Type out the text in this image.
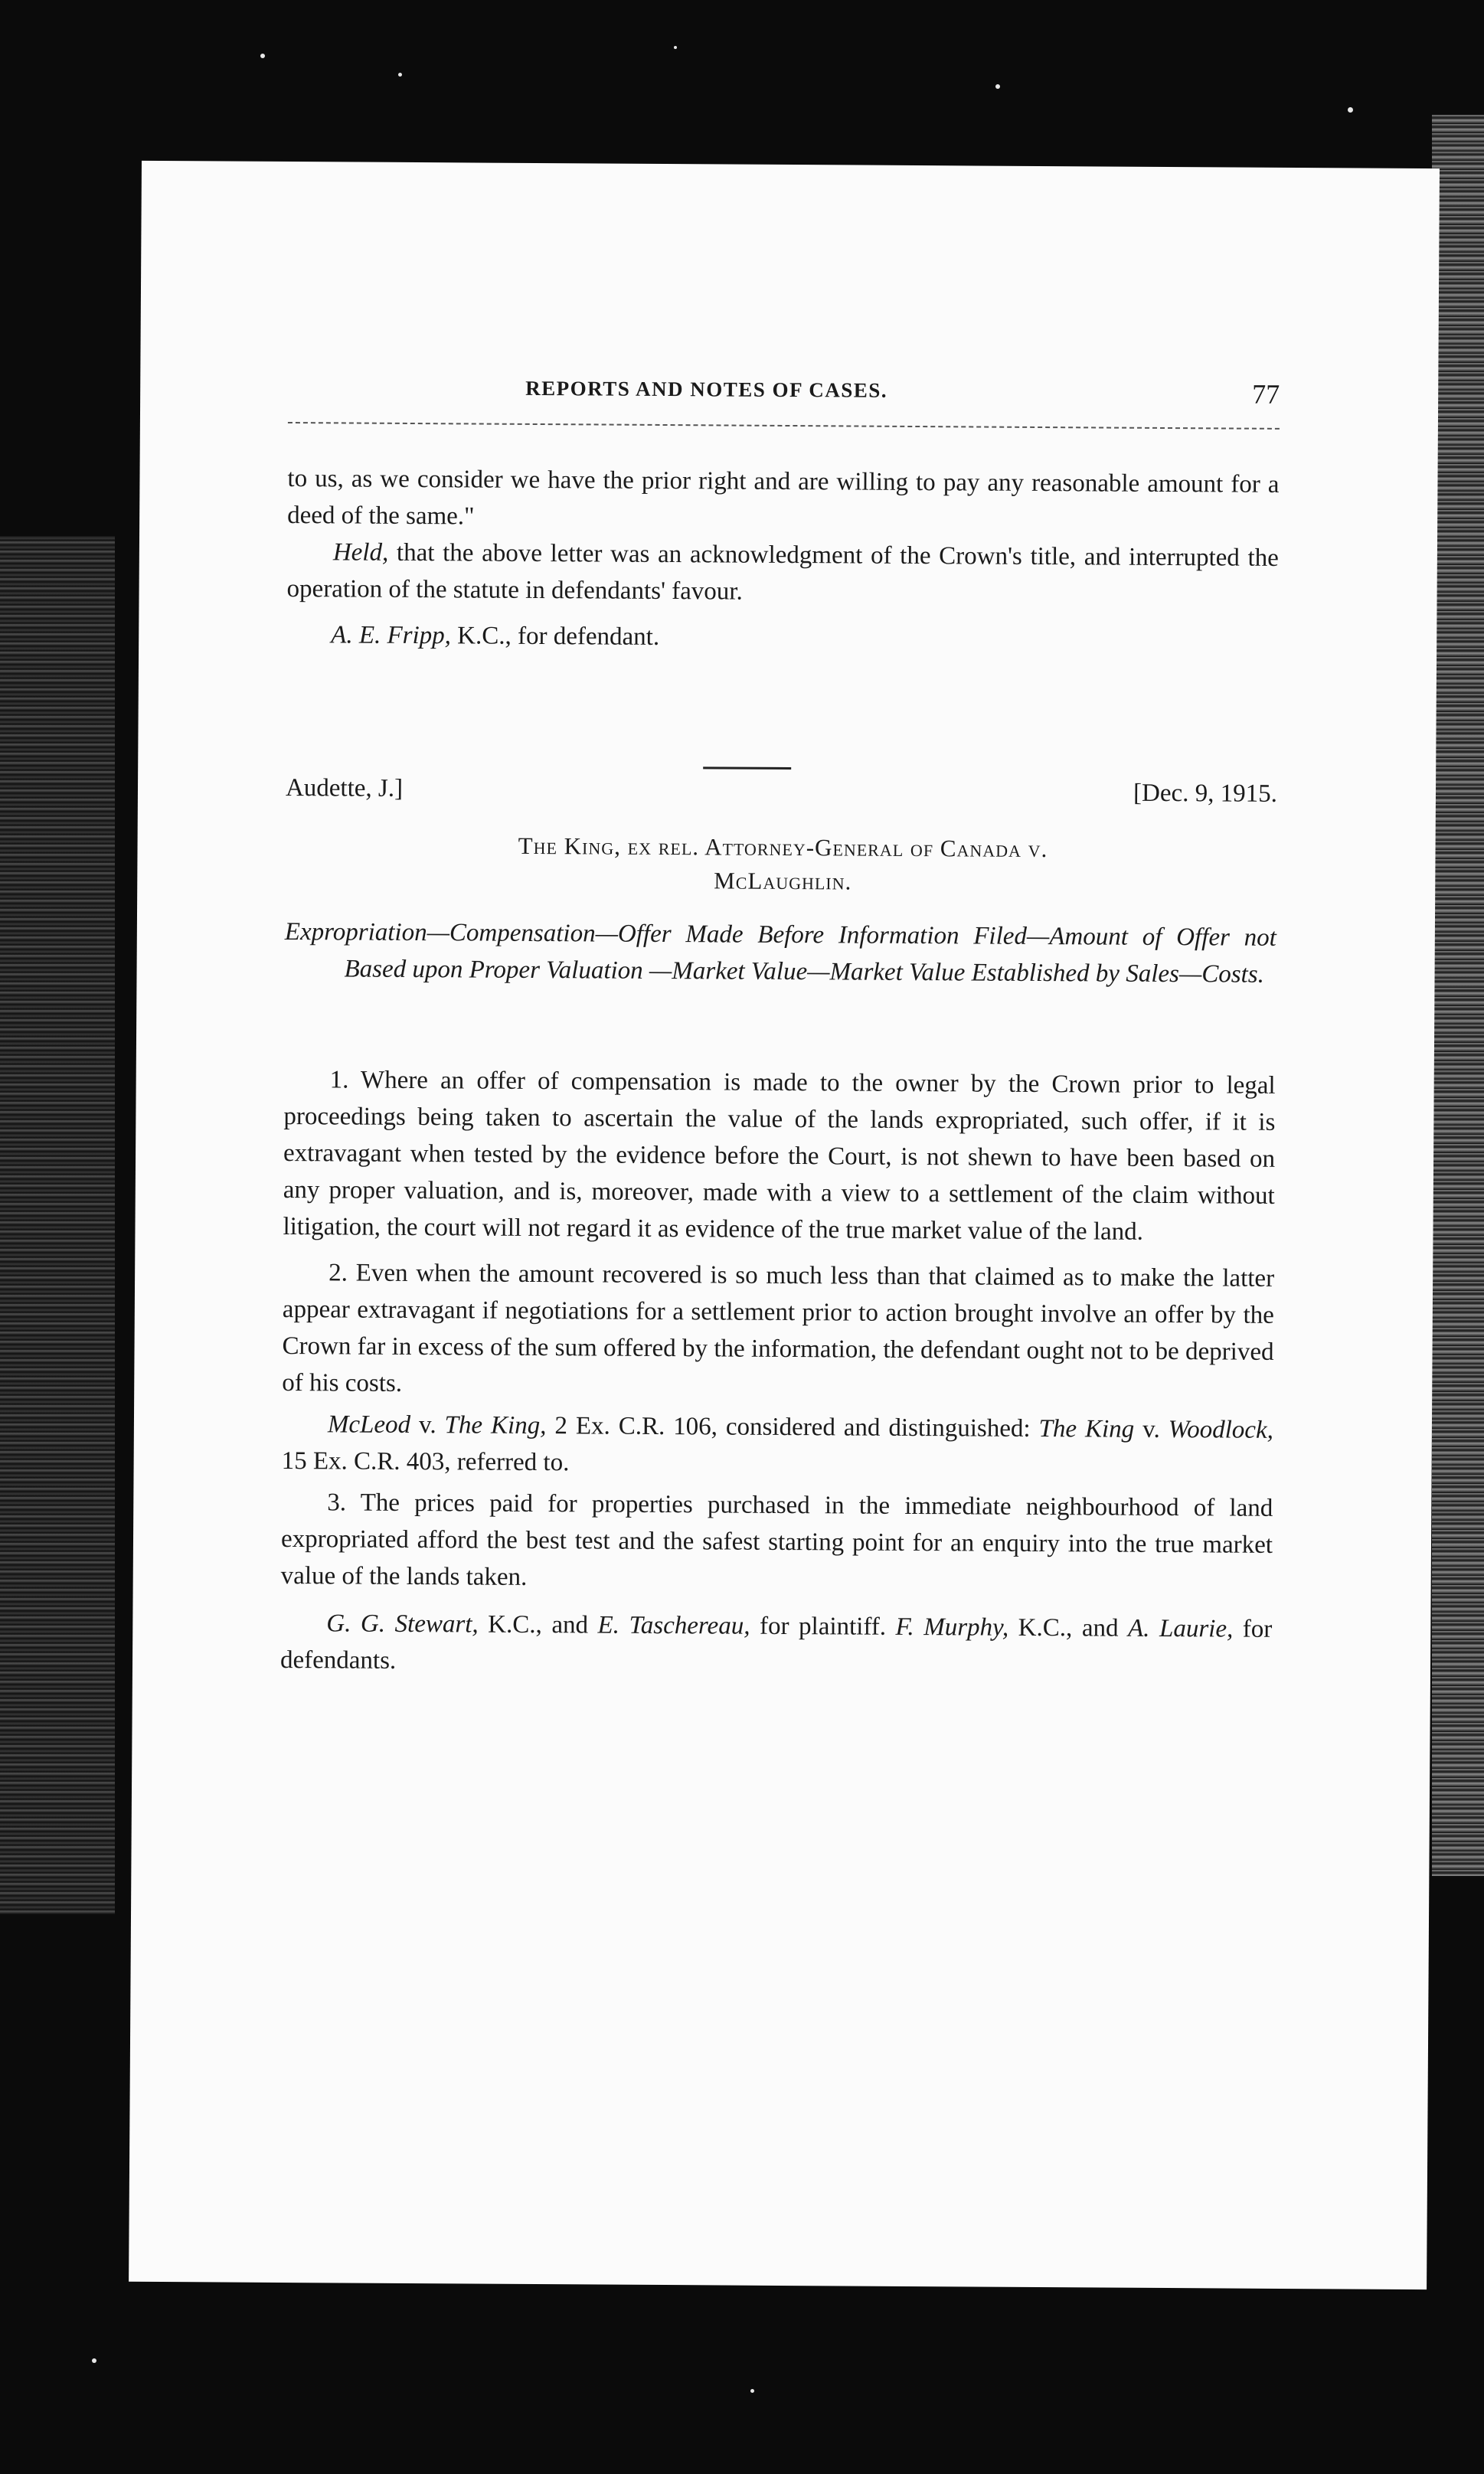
REPORTS AND NOTES OF CASES.	77

to us, as we consider we have the prior right and are willing to pay any reasonable amount for a deed of the same."

Held, that the above letter was an acknowledgment of the Crown's title, and interrupted the operation of the statute in defendants' favour.

A. E. Fripp, K.C., for defendant.

Audette, J.]	[Dec. 9, 1915.
The King, ex rel. Attorney-General of Canada v.
McLaughlin.

Expropriation—Compensation—Offer Made Before Information Filed—Amount of Offer not Based upon Proper Valuation —Market Value—Market Value Established by Sales—Costs.

1. Where an offer of compensation is made to the owner by the Crown prior to legal proceedings being taken to ascertain the value of the lands expropriated, such offer, if it is extravagant when tested by the evidence before the Court, is not shewn to have been based on any proper valuation, and is, moreover, made with a view to a settlement of the claim without litigation, the court will not regard it as evidence of the true market value of the land.

2. Even when the amount recovered is so much less than that claimed as to make the latter appear extravagant if negotiations for a settlement prior to action brought involve an offer by the Crown far in excess of the sum offered by the information, the defendant ought not to be deprived of his costs.

McLeod v. The King, 2 Ex. C.R. 106, considered and distinguished: The King v. Woodlock, 15 Ex. C.R. 403, referred to.

3. The prices paid for properties purchased in the immediate neighbourhood of land expropriated afford the best test and the safest starting point for an enquiry into the true market value of the lands taken.

G. G. Stewart, K.C., and E. Taschereau, for plaintiff. F. Murphy, K.C., and A. Laurie, for defendants.
